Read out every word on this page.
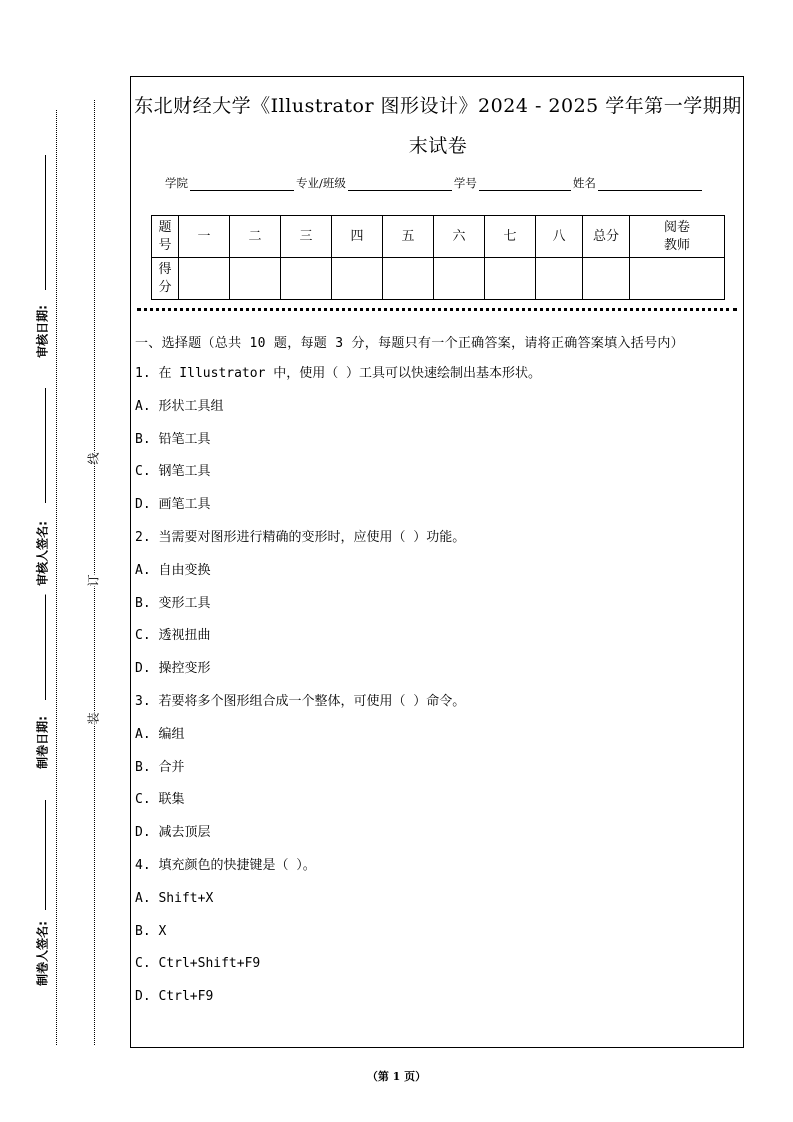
审核日期:
审核人签名:
制卷日期:
制卷人签名:
线
订
装
东北财经大学《Illustrator 图形设计》2024 - 2025 学年第一学期期
末试卷
学院	专业/班级	学号	姓名
题号	一	二	三	四	五	六	七	八	总分	阅卷教师
得分										
一、选择题（总共 10 题，每题 3 分，每题只有一个正确答案，请将正确答案填入括号内）
1. 在 Illustrator 中，使用（ ）工具可以快速绘制出基本形状。
A. 形状工具组
B. 铅笔工具
C. 钢笔工具
D. 画笔工具
2. 当需要对图形进行精确的变形时，应使用（ ）功能。
A. 自由变换
B. 变形工具
C. 透视扭曲
D. 操控变形
3. 若要将多个图形组合成一个整体，可使用（ ）命令。
A. 编组
B. 合并
C. 联集
D. 减去顶层
4. 填充颜色的快捷键是（ ）。
A. Shift+X
B. X
C. Ctrl+Shift+F9
D. Ctrl+F9
（第 1 页）
